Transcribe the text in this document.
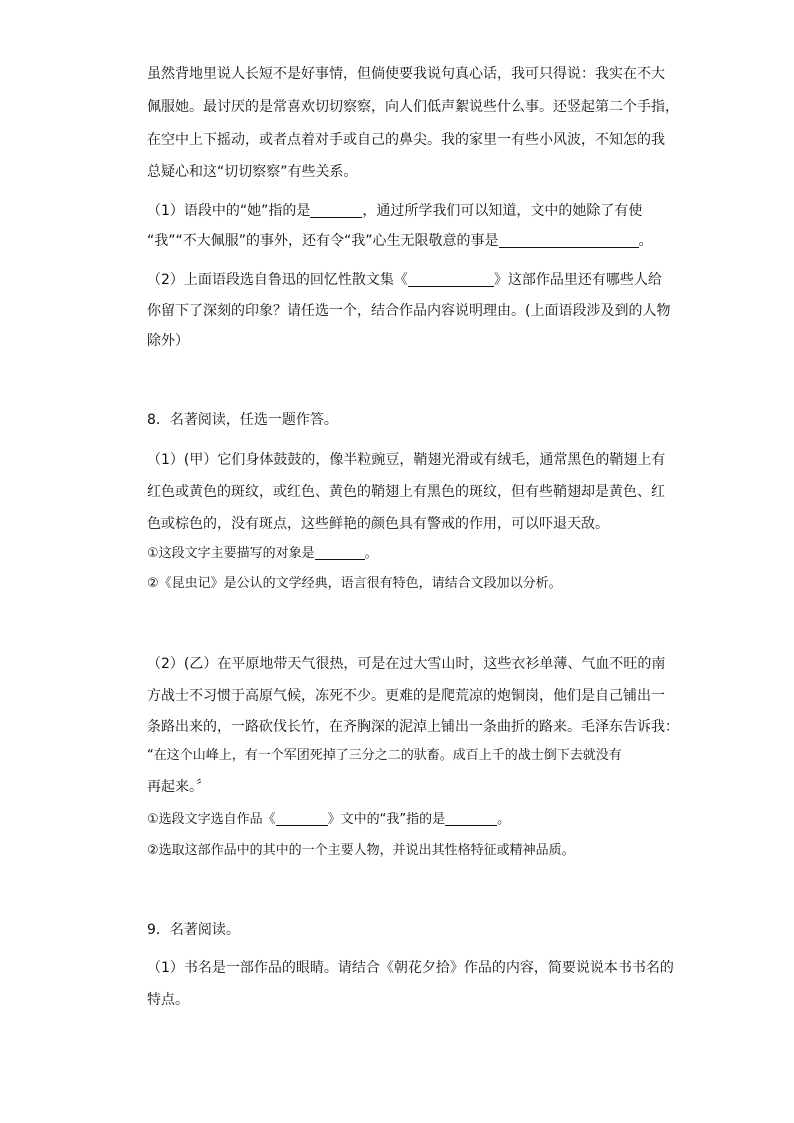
虽然背地里说人长短不是好事情，但倘使要我说句真心话，我可只得说：我实在不大
佩服她。最讨厌的是常喜欢切切察察，向人们低声絮说些什么事。还竖起第二个手指，
在空中上下摇动，或者点着对手或自己的鼻尖。我的家里一有些小风波，不知怎的我
总疑心和这“切切察察”有些关系。
（1）语段中的“她”指的是	，通过所学我们可以知道，文中的她除了有使
“我”“不大佩服”的事外，还有令“我”心生无限敬意的事是	。
（2）上面语段选自鲁迅的回忆性散文集《	》这部作品里还有哪些人给
你留下了深刻的印象？请任选一个，结合作品内容说明理由。(上面语段涉及到的人物
除外）
8．名著阅读，任选一题作答。
（1）(甲）它们身体鼓鼓的，像半粒豌豆，鞘翅光滑或有绒毛，通常黑色的鞘翅上有
红色或黄色的斑纹，或红色、黄色的鞘翅上有黑色的斑纹，但有些鞘翅却是黄色、红
色或棕色的，没有斑点，这些鲜艳的颜色具有警戒的作用，可以吓退天敌。
①这段文字主要描写的对象是	。
②《昆虫记》是公认的文学经典，语言很有特色，请结合文段加以分析。
（2）(乙）在平原地带天气很热，可是在过大雪山时，这些衣衫单薄、气血不旺的南
方战士不习惯于高原气候，冻死不少。更难的是爬荒凉的炮铜岗，他们是自己铺出一
条路出来的，一路砍伐长竹，在齐胸深的泥淖上铺出一条曲折的路来。毛泽东告诉我：
“在这个山峰上，有一个军团死掉了三分之二的驮畜。成百上千的战士倒下去就没有
再起来。〞
①选段文字选自作品《	》文中的“我”指的是	。
②选取这部作品中的其中的一个主要人物，并说出其性格特征或精神品质。
9．名著阅读。
（1）书名是一部作品的眼睛。请结合《朝花夕拾》作品的内容，简要说说本书书名的
特点。
